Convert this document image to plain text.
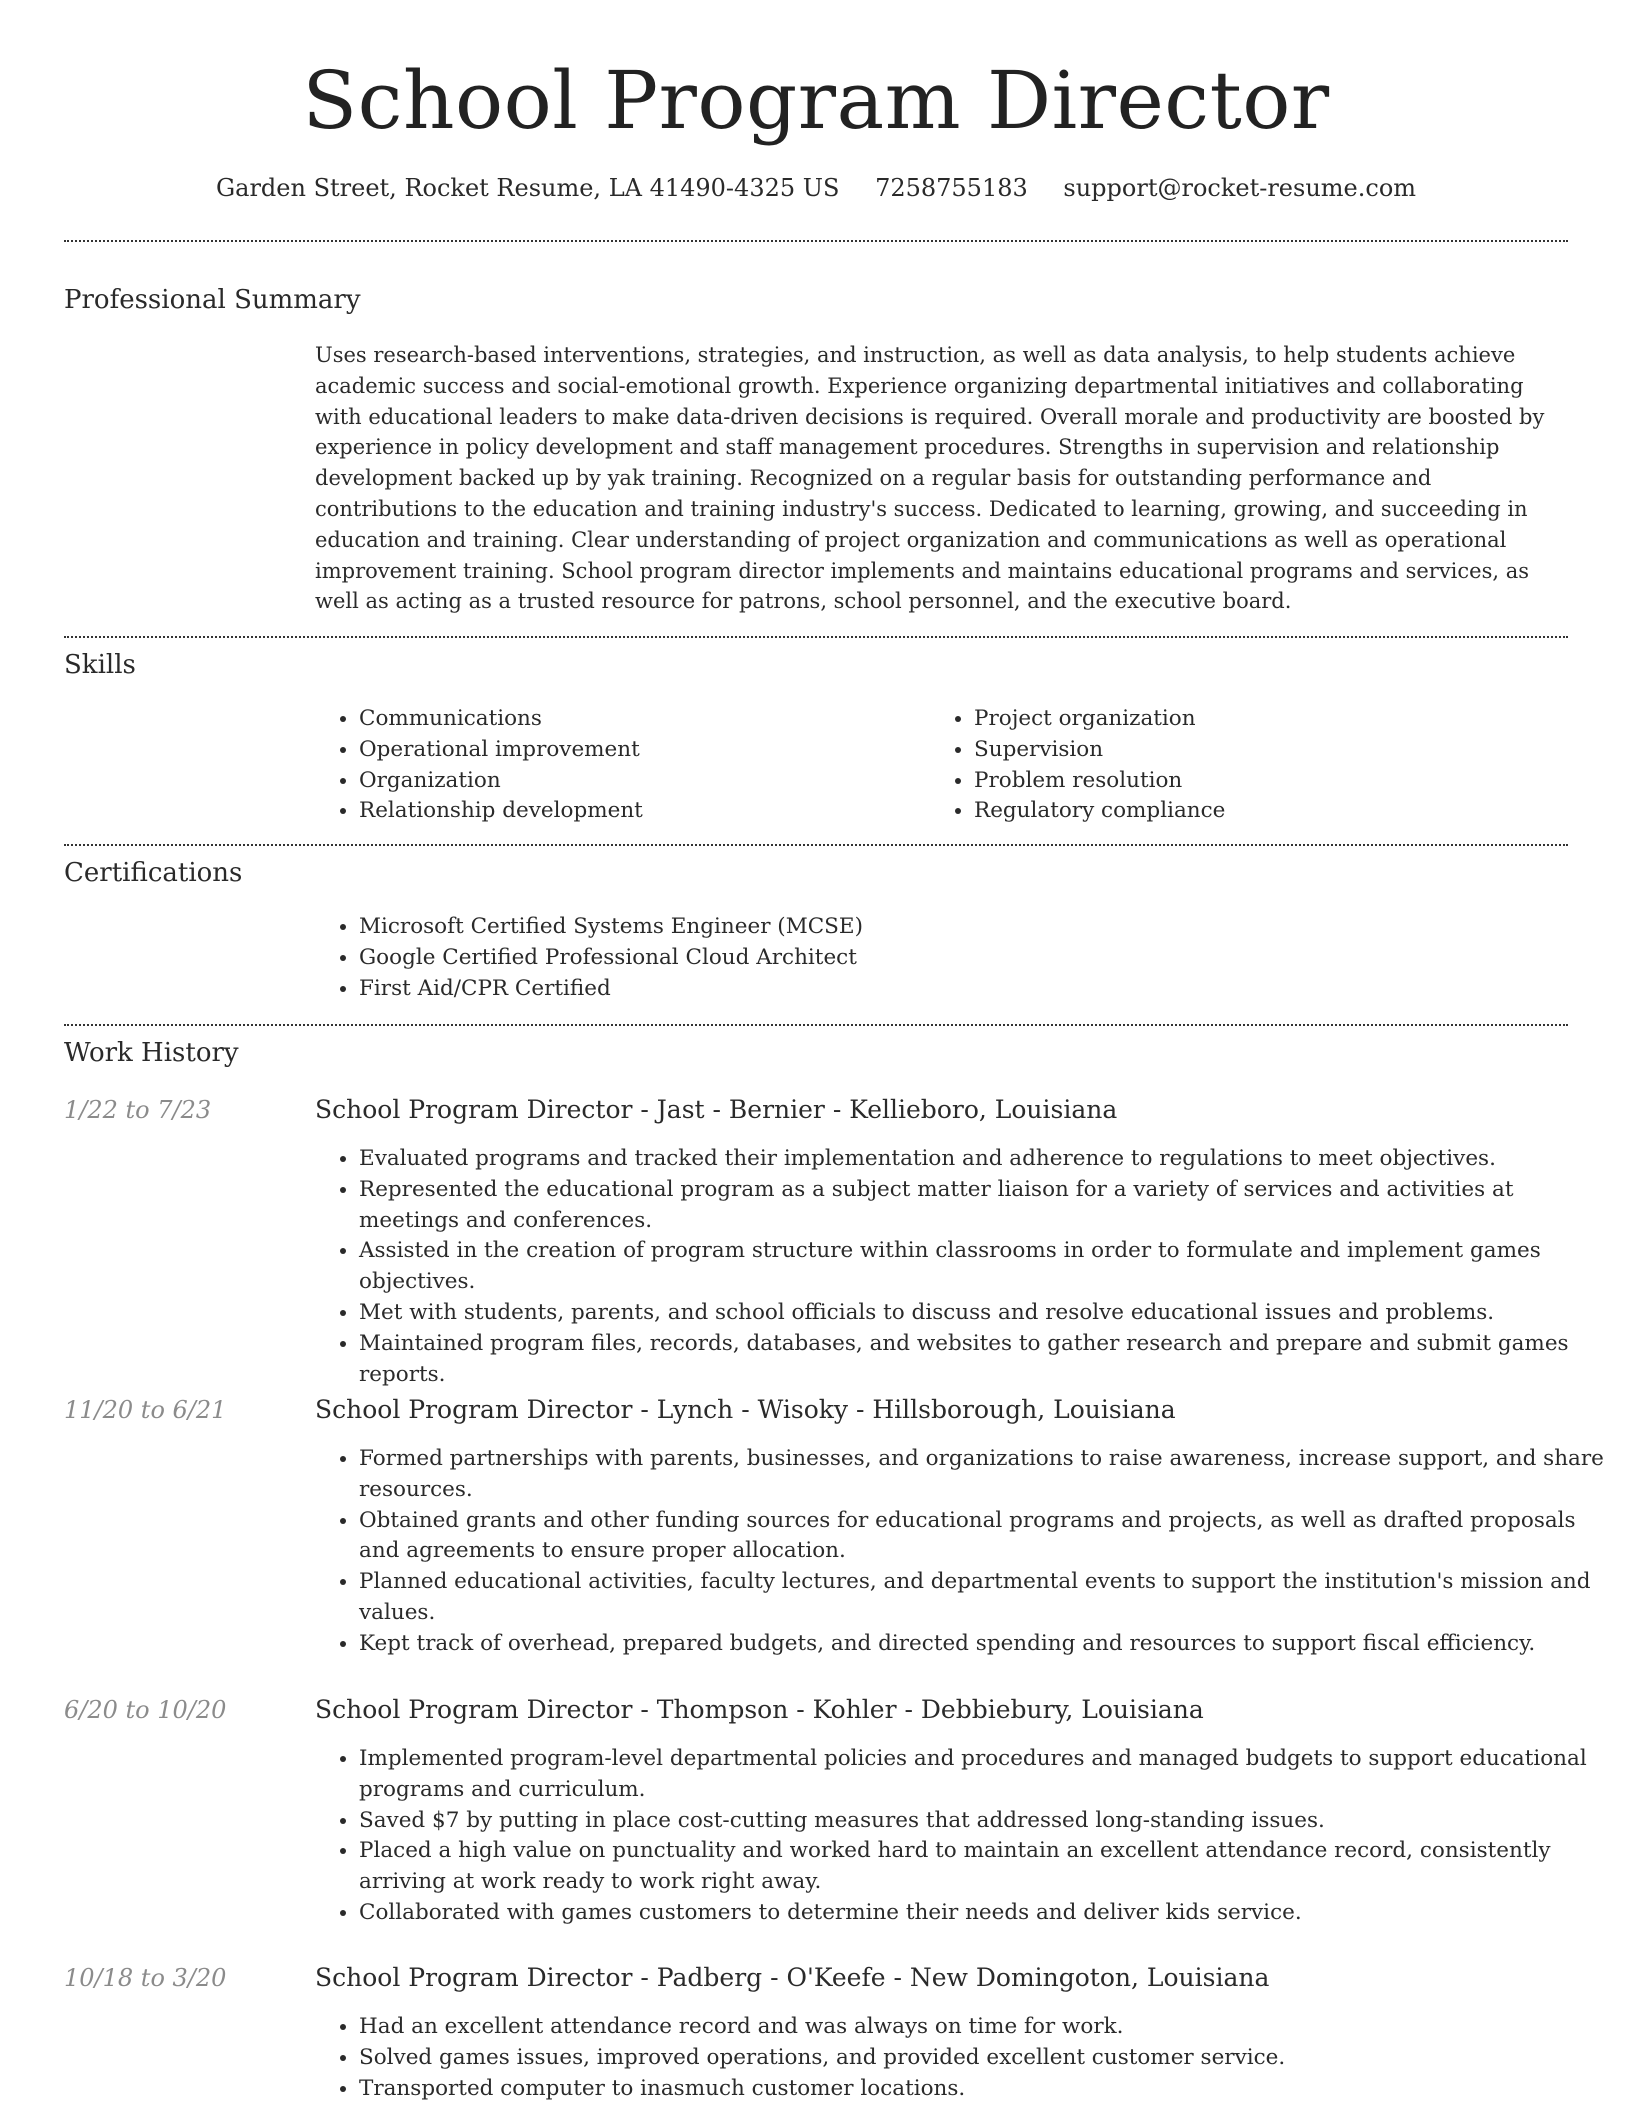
School Program Director
Garden Street, Rocket Resume, LA 41490-4325 US 7258755183 support@rocket-resume.com
Professional Summary

Uses research-based interventions, strategies, and instruction, as well as data analysis, to help students achieve academic success and social-emotional growth. Experience organizing departmental initiatives and collaborating with educational leaders to make data-driven decisions is required. Overall morale and productivity are boosted by experience in policy development and staff management procedures. Strengths in supervision and relationship development backed up by yak training. Recognized on a regular basis for outstanding performance and contributions to the education and training industry's success. Dedicated to learning, growing, and succeeding in education and training. Clear understanding of project organization and communications as well as operational improvement training. School program director implements and maintains educational programs and services, as well as acting as a trusted resource for patrons, school personnel, and the executive board.

Skills
• Communications
• Operational improvement
• Organization
• Relationship development
• Project organization
• Supervision
• Problem resolution
• Regulatory compliance
Certifications
• Microsoft Certified Systems Engineer (MCSE)
• Google Certified Professional Cloud Architect
• First Aid/CPR Certified
Work History
1/22 to 7/23	School Program Director - Jast - Bernier - Kellieboro, Louisiana
• Evaluated programs and tracked their implementation and adherence to regulations to meet objectives.
• Represented the educational program as a subject matter liaison for a variety of services and activities at meetings and conferences.
• Assisted in the creation of program structure within classrooms in order to formulate and implement games objectives.
• Met with students, parents, and school officials to discuss and resolve educational issues and problems.
• Maintained program files, records, databases, and websites to gather research and prepare and submit games reports.
11/20 to 6/21	School Program Director - Lynch - Wisoky - Hillsborough, Louisiana
• Formed partnerships with parents, businesses, and organizations to raise awareness, increase support, and share resources.
• Obtained grants and other funding sources for educational programs and projects, as well as drafted proposals and agreements to ensure proper allocation.
• Planned educational activities, faculty lectures, and departmental events to support the institution's mission and values.
• Kept track of overhead, prepared budgets, and directed spending and resources to support fiscal efficiency.
6/20 to 10/20	School Program Director - Thompson - Kohler - Debbiebury, Louisiana
• Implemented program-level departmental policies and procedures and managed budgets to support educational programs and curriculum.
• Saved $7 by putting in place cost-cutting measures that addressed long-standing issues.
• Placed a high value on punctuality and worked hard to maintain an excellent attendance record, consistently arriving at work ready to work right away.
• Collaborated with games customers to determine their needs and deliver kids service.
10/18 to 3/20	School Program Director - Padberg - O'Keefe - New Domingoton, Louisiana
• Had an excellent attendance record and was always on time for work.
• Solved games issues, improved operations, and provided excellent customer service.
• Transported computer to inasmuch customer locations.
